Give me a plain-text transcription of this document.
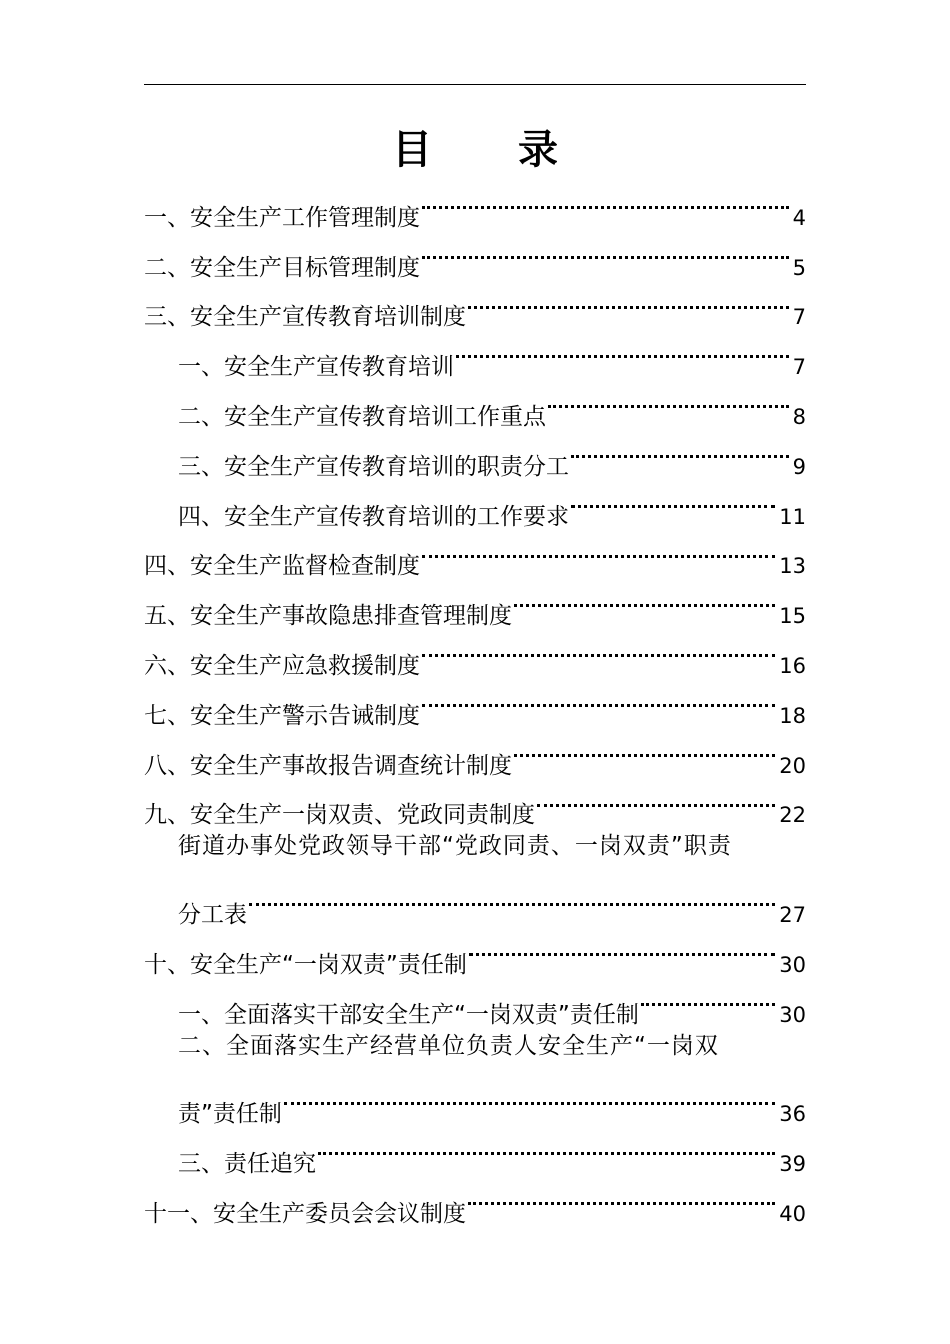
目 录
一、安全生产工作管理制度	4
二、安全生产目标管理制度	5
三、安全生产宣传教育培训制度	7
一、安全生产宣传教育培训	7
二、安全生产宣传教育培训工作重点	8
三、安全生产宣传教育培训的职责分工	9
四、安全生产宣传教育培训的工作要求	11
四、安全生产监督检查制度	13
五、安全生产事故隐患排查管理制度	15
六、安全生产应急救援制度	16
七、安全生产警示告诫制度	18
八、安全生产事故报告调查统计制度	20
九、安全生产一岗双责、党政同责制度	22
街道办事处党政领导干部“党政同责、一岗双责”职责
分工表	27
十、安全生产“一岗双责”责任制	30
一、全面落实干部安全生产“一岗双责”责任制	30
二、全面落实生产经营单位负责人安全生产“一岗双
责”责任制	36
三、责任追究	39
十一、安全生产委员会会议制度	40
